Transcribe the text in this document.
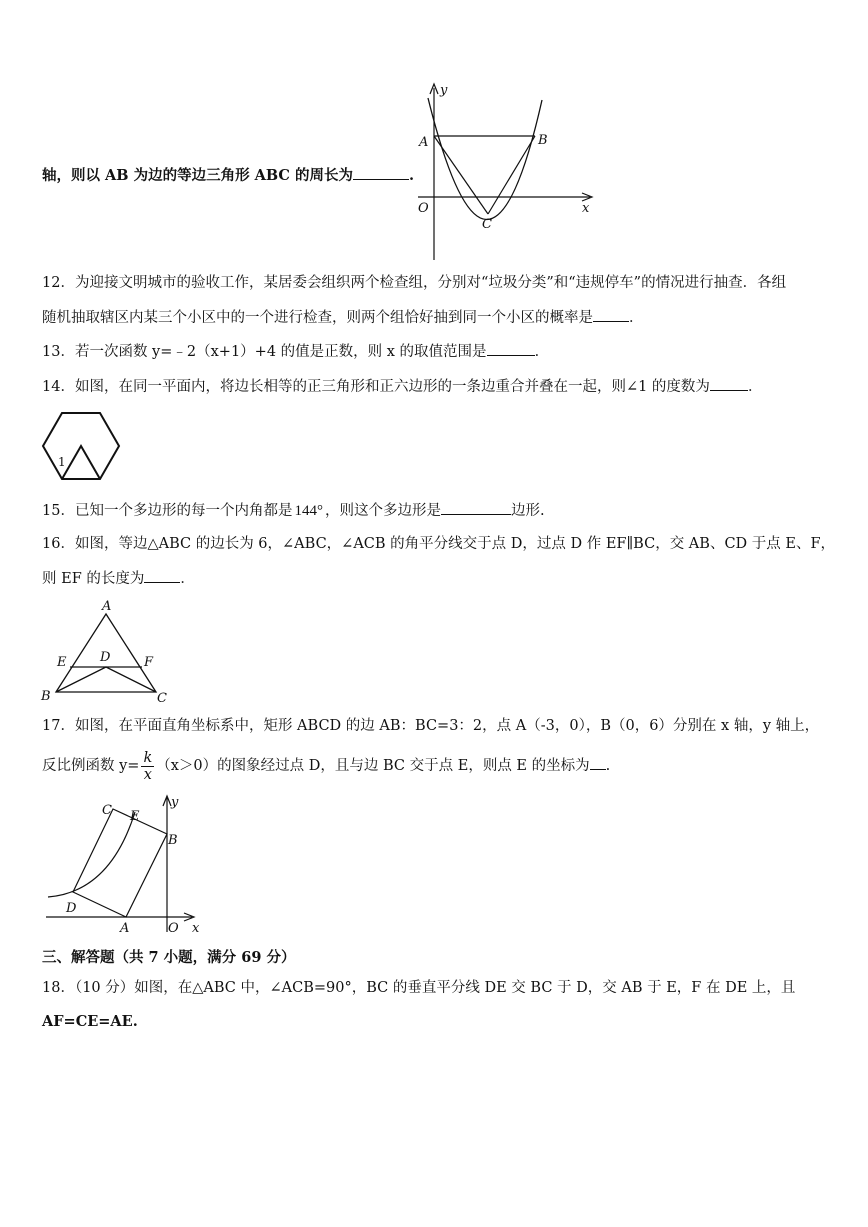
y
x
O
A	B
C
轴，则以 AB 为边的等边三角形 ABC 的周长为	.
12．为迎接文明城市的验收工作，某居委会组织两个检查组，分别对“垃圾分类”和“违规停车”的情况进行抽查．各组
随机抽取辖区内某三个小区中的一个进行检查，则两个组恰好抽到同一个小区的概率是 ．
13．若一次函数 y=﹣2（x+1）+4 的值是正数，则 x 的取值范围是	．
14．如图，在同一平面内，将边长相等的正三角形和正六边形的一条边重合并叠在一起，则∠1 的度数为	．
1
15．已知一个多边形的每一个内角都是 144° ，则这个多边形是	边形.
16．如图，等边△ABC 的边长为 6，∠ABC，∠ACB 的角平分线交于点 D，过点 D 作 EF∥BC，交 AB、CD 于点 E、F，
则 EF 的长度为 ．
A
E	D	F
B	C
17．如图，在平面直角坐标系中，矩形 ABCD 的边 AB：BC=3：2，点 A（-3，0），B（0，6）分别在 x 轴，y 轴上，
反比例函数 $y= \frac{k}{x} (x>0)$的图象经过点 D，且与边 BC 交于点 E，则点 E 的坐标为 .
C E
y
B
D
A	O x
三、解答题（共 7 小题，满分 69 分）
18．（10 分）如图，在△ABC 中，∠ACB=90°，BC 的垂直平分线 DE 交 BC 于 D，交 AB 于 E，F 在 DE 上，且
AF=CE=AE.
